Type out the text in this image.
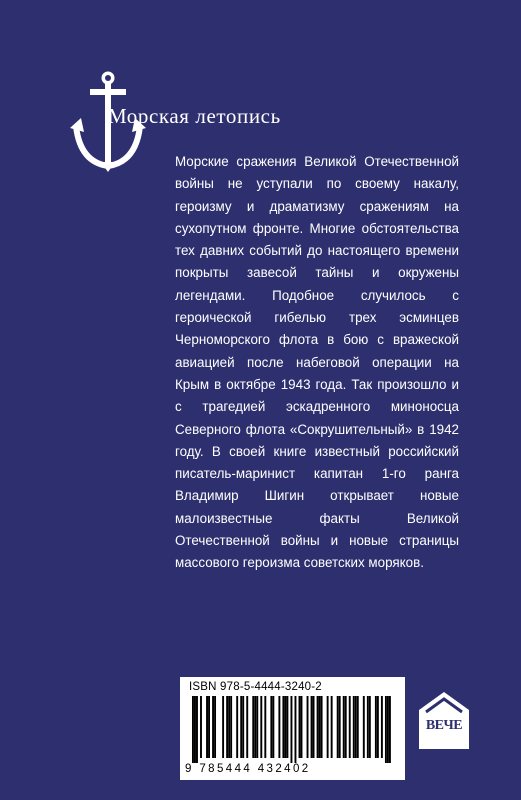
Морская летопись

Морские сражения Великой Отечественной войны не уступали по своему накалу, героизму и драматизму сражениям на сухопутном фронте. Многие обстоятельства тех давних событий до настоящего времени покрыты завесой тайны и окружены легендами. Подобное случилось с героической гибелью трех эсминцев Черноморского флота в бою с вражеской авиацией после набеговой операции на Крым в октябре 1943 года. Так произошло и с трагедией эскадренного миноносца Северного флота «Сокрушительный» в 1942 году. В своей книге известный российский писатель-маринист капитан 1-го ранга Владимир Шигин открывает новые малоизвестные факты Великой Отечественной войны и новые страницы массового героизма советских моряков.

ISBN 978-5-4444-3240-2
9 785444 432402
ВЕЧЕ
